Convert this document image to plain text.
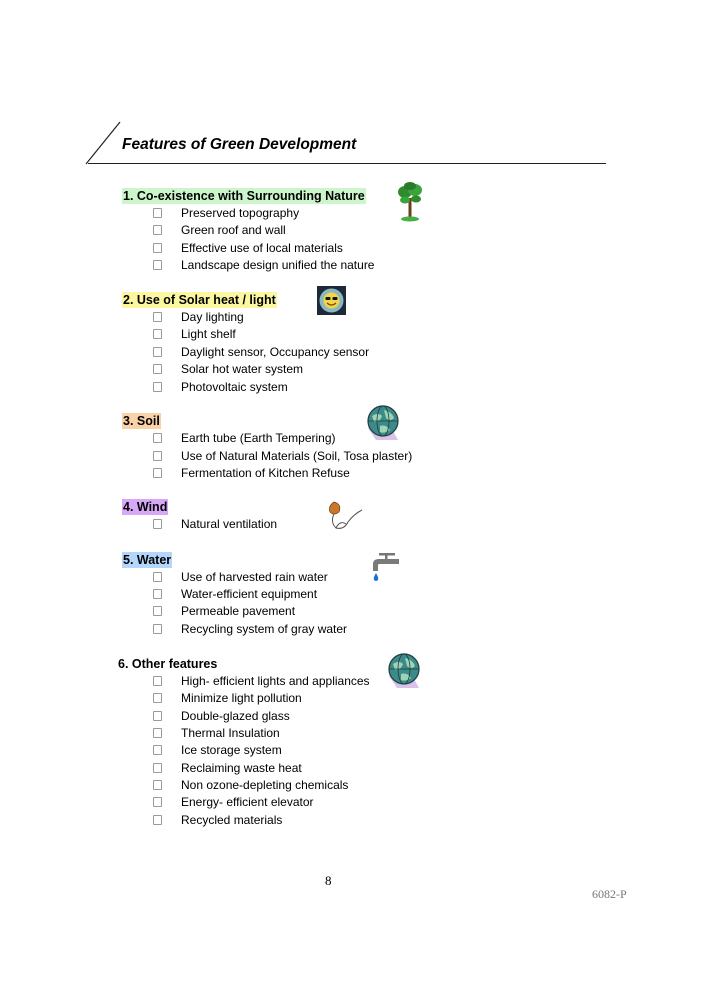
Features of Green Development
1. Co-existence with Surrounding Nature
Preserved topography
Green roof and wall
Effective use of local materials
Landscape design unified the nature
2. Use of Solar heat / light
Day lighting
Light shelf
Daylight sensor, Occupancy sensor
Solar hot water system
Photovoltaic system
3. Soil
Earth tube (Earth Tempering)
Use of Natural Materials (Soil, Tosa plaster)
Fermentation of Kitchen Refuse
4. Wind
Natural ventilation
5. Water
Use of harvested rain water
Water-efficient equipment
Permeable pavement
Recycling system of gray water
6. Other features
High- efficient lights and appliances
Minimize light pollution
Double-glazed glass
Thermal Insulation
Ice storage system
Reclaiming waste heat
Non ozone-depleting chemicals
Energy- efficient elevator
Recycled materials
8
6082-P
